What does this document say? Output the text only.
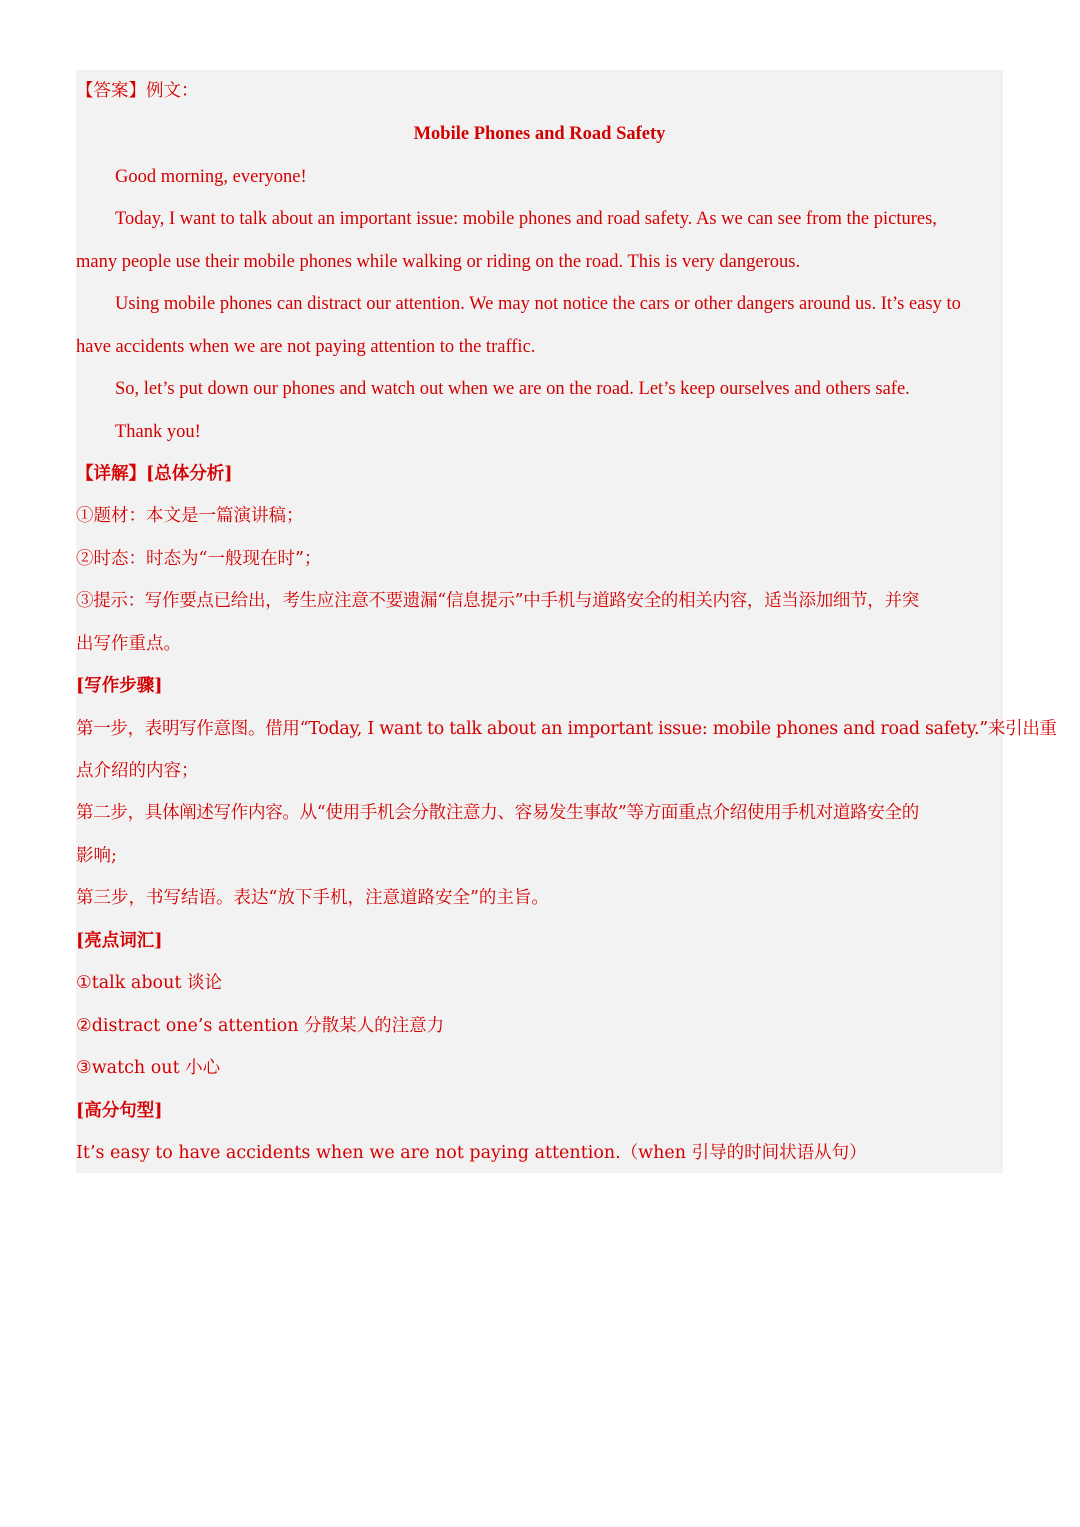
【答案】例文：
Mobile Phones and Road Safety
Good morning, everyone!
Today, I want to talk about an important issue: mobile phones and road safety. As we can see from the pictures,
many people use their mobile phones while walking or riding on the road. This is very dangerous.
Using mobile phones can distract our attention. We may not notice the cars or other dangers around us. It’s easy to
have accidents when we are not paying attention to the traffic.
So, let’s put down our phones and watch out when we are on the road. Let’s keep ourselves and others safe.
Thank you!
【详解】[总体分析]
①题材：本文是一篇演讲稿；
②时态：时态为“一般现在时”；
③提示：写作要点已给出，考生应注意不要遗漏“信息提示”中手机与道路安全的相关内容，适当添加细节，并突
出写作重点。
[写作步骤]
第一步，表明写作意图。借用“Today, I want to talk about an important issue: mobile phones and road safety.”来引出重
点介绍的内容；
第二步，具体阐述写作内容。从“使用手机会分散注意力、容易发生事故”等方面重点介绍使用手机对道路安全的
影响;
第三步，书写结语。表达“放下手机，注意道路安全”的主旨。
[亮点词汇]
①talk about 谈论
②distract one’s attention 分散某人的注意力
③watch out 小心
[高分句型]
It’s easy to have accidents when we are not paying attention.（when 引导的时间状语从句）
